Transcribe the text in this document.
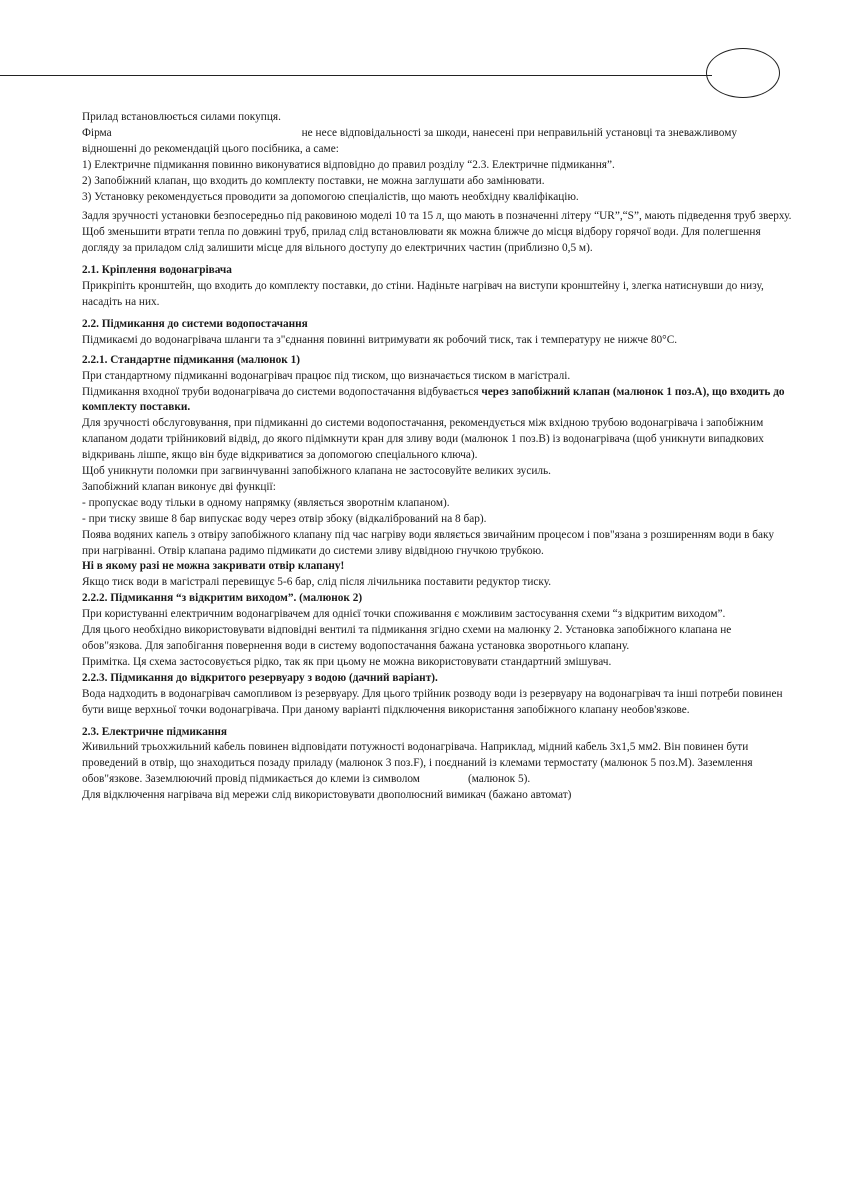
Прилад встановлюється силами покупця.

Фірма	не несе відповідальності за шкоди, нанесені при неправильній установці та зневажливому відношенні до рекомендацій цього посібника, а саме:

1) Електричне підмикання повинно виконуватися відповідно до правил розділу “2.3. Електричне підмикання”.

2) Запобіжний клапан, що входить до комплекту поставки, не можна заглушати або замінювати.

3) Установку рекомендується проводити за допомогою спеціалістів, що мають необхідну кваліфікацію.

Задля зручності установки безпосередньо під раковиною моделі 10 та 15 л, що мають в позначенні літеру “UR”,“S”, мають підведення труб зверху.

Щоб зменьшити втрати тепла по довжині труб, прилад слід встановлювати як можна ближче до місця відбору горячої води. Для полегшення догляду за приладом слід залишити місце для вільного доступу до електричних частин (приблизно 0,5 м).

2.1. Кріплення водонагрівача

Прикріпіть кронштейн, що входить до комплекту поставки, до стіни. Надіньте нагрівач на виступи кронштейну і, злегка натиснувши до низу, насадіть на них.

2.2. Підмикання до системи водопостачання

Підмикаємі до водонагрівача шланги та з"єднання повинні витримувати як робочий тиск, так і температуру не нижче 80°С.

2.2.1. Стандартне підмикання (малюнок 1)

При стандартному підмиканні водонагрівач працює під тиском, що визначається тиском в магістралі.

Підмикання входної труби водонагрівача до системи водопостачання відбувається через запобіжний клапан (малюнок 1 поз.А), що входить до комплекту поставки.

Для зручності обслуговування, при підмиканні до системи водопостачання, рекомендується між вхідною трубою водонагрівача і запобіжним клапаном додати трійниковий відвід, до якого підімкнути кран для зливу води (малюнок 1 поз.В) із водонагрівача (щоб уникнути випадкових відкривань лішпе, якщо він буде відкриватися за допомогою спеціального ключа).

Щоб уникнути поломки при загвинчуванні запобіжного клапана не застосовуйте великих зусиль.

Запобіжний клапан виконує дві функції:

- пропускає воду тільки в одному напрямку (являється зворотнім клапаном).

- при тиску звише 8 бар випускає воду через отвір збоку (відкалібрований на 8 бар).

Поява водяних капель з отвіру запобіжного клапану під час нагріву води являється звичайним процесом і пов"язана з розширенням води в баку при нагріванні. Отвір клапана радимо підмикати до системи зливу відвідною гнучкою трубкою.

Ні в якому разі не можна закривати отвір клапану!

Якщо тиск води в магістралі перевищує 5-6 бар, слід після лічильника поставити редуктор тиску.

2.2.2. Підмикання “з відкритим виходом”. (малюнок 2)

При користуванні електричним водонагрівачем для однієї точки споживання є можливим застосування схеми “з відкритим виходом”.

Для цього необхідно використовувати відповідні вентилі та підмикання згідно схеми на малюнку 2. Установка запобіжного клапана не обов"язкова. Для запобігання повернення води в систему водопостачання бажана установка зворотнього клапану.

Примітка. Ця схема застосовується рідко, так як при цьому не можна використовувати стандартний змішувач.

2.2.3. Підмикання до відкритого резервуару з водою (дачний варіант).

Вода надходить в водонагрівач самопливом із резервуару. Для цього трійник розводу води із резервуару на водонагрівач та інші потреби повинен бути вище верхньої точки водонагрівача. При даному варіанті підключення використання запобіжного клапану необов'язкове.

2.3. Електричне підмикання

Живильний трьохжильний кабель повинен відповідати потужності водонагрівача. Наприклад, мідний кабель 3х1,5 мм2. Він повинен бути проведений в отвір, що знаходиться позаду приладу (малюнок 3 поз.F), і поєднаний із клемами термостату (малюнок 5 поз.М). Заземлення обов"язкове. Заземлюючий провід підмикається до клеми із символом	(малюнок 5).

Для відключення нагрівача від мережи слід використовувати двополюсний вимикач (бажано автомат)
